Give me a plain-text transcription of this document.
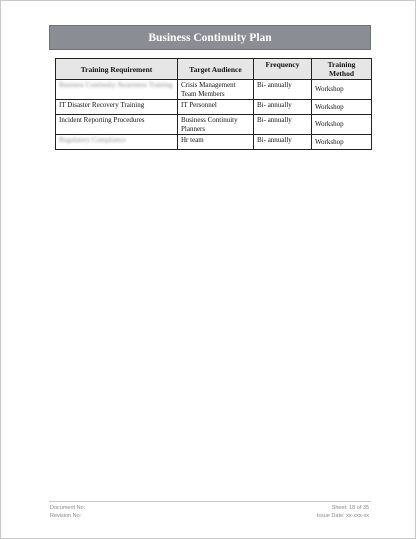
Business Continuity Plan
Training Requirement	Target Audience	Frequency	Training Method
Business Continuity Awareness Training	Crisis Management Team Members	Bi- annually	Workshop
IT Disaster Recovery Training	IT Personnel	Bi- annually	Workshop
Incident Reporting Procedures	Business Continuity Planners	Bi- annually	Workshop
Regulatory Compliance	Hr team	Bi- annually	Workshop
Document No:
Revision No:
Sheet: 18 of 35
Issue Date: xx-xxx-xx
